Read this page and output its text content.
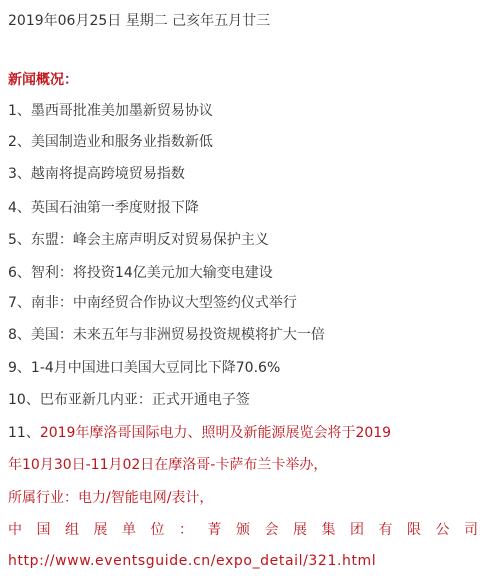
2019年06月25日 星期二 己亥年五月廿三
新闻概况：
1、墨西哥批准美加墨新贸易协议
2、美国制造业和服务业指数新低
3、越南将提高跨境贸易指数
4、英国石油第一季度财报下降
5、东盟：峰会主席声明反对贸易保护主义
6、智利：将投资14亿美元加大输变电建设
7、南非：中南经贸合作协议大型签约仪式举行
8、美国：未来五年与非洲贸易投资规模将扩大一倍
9、1-4月中国进口美国大豆同比下降70.6%
10、巴布亚新几内亚：正式开通电子签
11、2019年摩洛哥国际电力、照明及新能源展览会将于2019
年10月30日-11月02日在摩洛哥-卡萨布兰卡举办，
所属行业：电力/智能电网/表计，
中国组展单位：菁颁会展集团有限公司
http://www.eventsguide.cn/expo_detail/321.html
